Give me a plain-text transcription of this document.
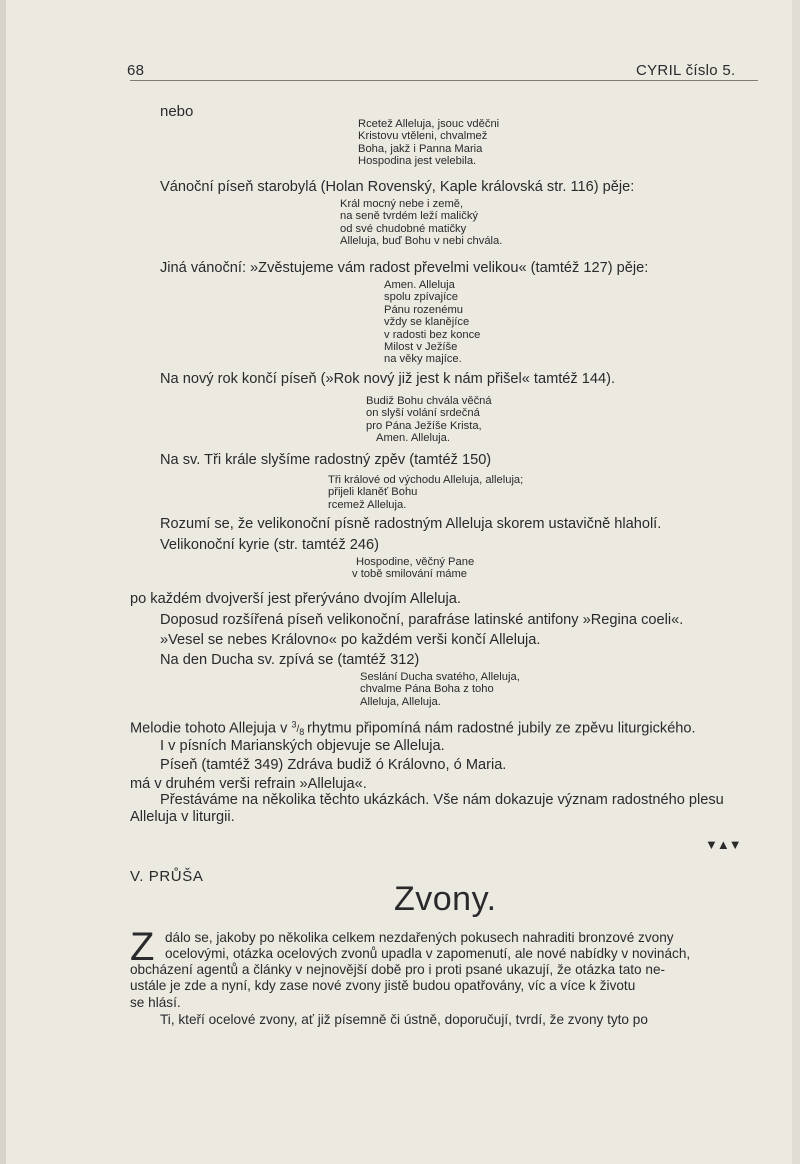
68	CYRIL číslo 5.
nebo
Rcetež Alleluja, jsouc vděčni
Kristovu vtěleni, chvalmež
Boha, jakž i Panna Maria
Hospodina jest velebila.
Vánoční píseň starobylá (Holan Rovenský, Kaple královská str. 116) pěje:
Král mocný nebe i země,
na seně tvrdém leží maličký
od své chudobné matičky
Alleluja, buď Bohu v nebi chvála.
Jiná vánoční: »Zvěstujeme vám radost převelmi velikou« (tamtéž 127) pěje:
Amen. Alleluja
spolu zpívajíce
Pánu rozenému
vždy se klanějíce
v radosti bez konce
Milost v Ježíše
na věky majíce.
Na nový rok končí píseň (»Rok nový již jest k nám přišel« tamtéž 144).
Budiž Bohu chvála věčná
on slyší volání srdečná
pro Pána Ježíše Krista,
Amen. Alleluja.
Na sv. Tři krále slyšíme radostný zpěv (tamtéž 150)
Tři králové od východu Alleluja, alleluja;
přijeli klaněť Bohu
rcemež Alleluja.
Rozumí se, že velikonoční písně radostným Alleluja skorem ustavičně hlaholí.
Velikonoční kyrie (str. tamtéž 246)
Hospodine, věčný Pane
v tobě smilování máme
po každém dvojverší jest přerýváno dvojím Alleluja.
Doposud rozšířená píseň velikonoční, parafráse latinské antifony »Regina coeli«.
»Vesel se nebes Královno« po každém verši končí Alleluja.
Na den Ducha sv. zpívá se (tamtéž 312)
Seslání Ducha svatého, Alleluja,
chvalme Pána Boha z toho
Alleluja, Alleluja.
Melodie tohoto Allejuja v $^3/_8$ rhytmu připomíná nám radostné jubily ze zpěvu liturgického.
I v písních Marianských objevuje se Alleluja.
Píseň (tamtéž 349) Zdráva budiž ó Královno, ó Maria.
má v druhém verši refrain »Alleluja«.
Přestáváme na několika těchto ukázkách. Vše nám dokazuje význam radostného plesu
Alleluja v liturgii.
▼▲▼
V. PRŮŠA
Zvony.
Z dálo se, jakoby po několika celkem nezdařených pokusech nahraditi bronzové zvony
ocelovými, otázka ocelových zvonů upadla v zapomenutí, ale nové nabídky v novinách,
obcházení agentů a články v nejnovější době pro i proti psané ukazují, že otázka tato ne-
ustále je zde a nyní, kdy zase nové zvony jistě budou opatřovány, víc a více k životu
se hlásí.
Ti, kteří ocelové zvony, ať již písemně či ústně, doporučují, tvrdí, že zvony tyto po
